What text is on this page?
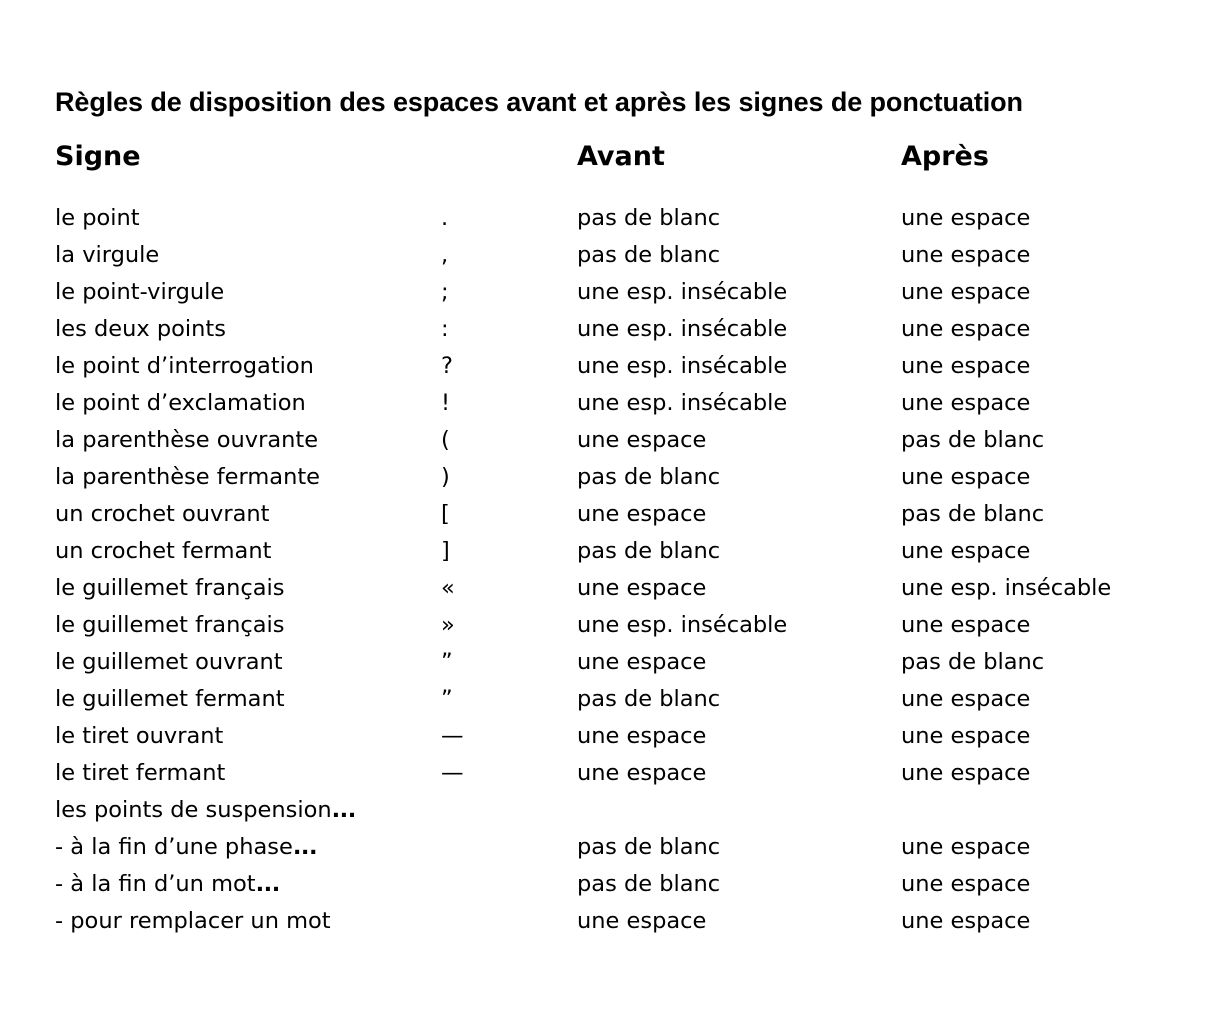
Règles de disposition des espaces avant et après les signes de ponctuation
Signe		Avant	Après
le point	.	pas de blanc	une espace
la virgule	,	pas de blanc	une espace
le point-virgule	;	une esp. insécable	une espace
les deux points	:	une esp. insécable	une espace
le point d’interrogation	?	une esp. insécable	une espace
le point d’exclamation	!	une esp. insécable	une espace
la parenthèse ouvrante	(	une espace	pas de blanc
la parenthèse fermante	)	pas de blanc	une espace
un crochet ouvrant	[	une espace	pas de blanc
un crochet fermant	]	pas de blanc	une espace
le guillemet français	«	une espace	une esp. insécable
le guillemet français	»	une esp. insécable	une espace
le guillemet ouvrant	”	une espace	pas de blanc
le guillemet fermant	”	pas de blanc	une espace
le tiret ouvrant	—	une espace	une espace
le tiret fermant	—	une espace	une espace
les points de suspension...			
- à la fin d’une phase...		pas de blanc	une espace
- à la fin d’un mot...		pas de blanc	une espace
- pour remplacer un mot		une espace	une espace
